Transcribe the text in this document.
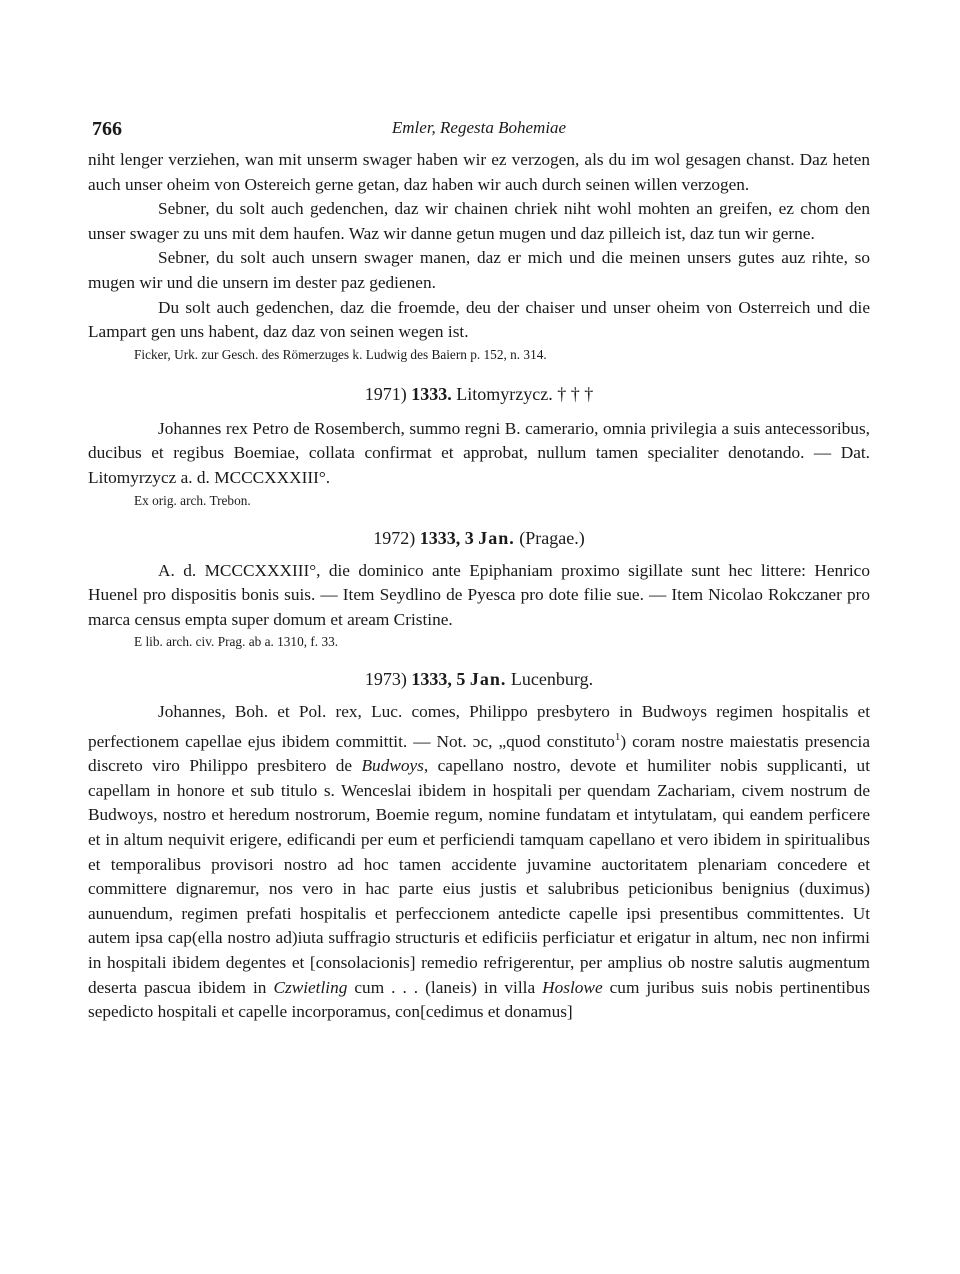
766	Emler, Regesta Bohemiae

niht lenger verziehen, wan mit unserm swager haben wir ez verzogen, als du im wol gesagen chanst. Daz heten auch unser oheim von Ostereich gerne getan, daz haben wir auch durch seinen willen verzogen.

Sebner, du solt auch gedenchen, daz wir chainen chriek niht wohl mohten an greifen, ez chom den unser swager zu uns mit dem haufen. Waz wir danne getun mugen und daz pilleich ist, daz tun wir gerne.

Sebner, du solt auch unsern swager manen, daz er mich und die meinen unsers gutes auz rihte, so mugen wir und die unsern im dester paz gedienen.

Du solt auch gedenchen, daz die froemde, deu der chaiser und unser oheim von Osterreich und die Lampart gen uns habent, daz daz von seinen wegen ist.

Ficker, Urk. zur Gesch. des Römerzuges k. Ludwig des Baiern p. 152, n. 314.

1971) 1333. Litomyrzycz. † † †

Johannes rex Petro de Rosemberch, summo regni B. camerario, omnia privilegia a suis antecessoribus, ducibus et regibus Boemiae, collata confirmat et approbat, nullum tamen specialiter denotando. — Dat. Litomyrzycz a. d. MCCCXXXIII°.

Ex orig. arch. Trebon.

1972) 1333, 3 Jan. (Pragae.)

A. d. MCCCXXXIII°, die dominico ante Epiphaniam proximo sigillate sunt hec littere: Henrico Huenel pro dispositis bonis suis. — Item Seydlino de Pyesca pro dote filie sue. — Item Nicolao Rokczaner pro marca census empta super domum et aream Cristine.

E lib. arch. civ. Prag. ab a. 1310, f. 33.

1973) 1333, 5 Jan. Lucenburg.

Johannes, Boh. et Pol. rex, Luc. comes, Philippo presbytero in Budwoys regimen hospitalis et perfectionem capellae ejus ibidem committit. — Not. ɔc, „quod constituto$^1$) coram nostre maiestatis presencia discreto viro Philippo presbitero de Budwoys, capellano nostro, devote et humiliter nobis supplicanti, ut capellam in honore et sub titulo s. Wenceslai ibidem in hospitali per quendam Zachariam, civem nostrum de Budwoys, nostro et heredum nostrorum, Boemie regum, nomine fundatam et intytulatam, qui eandem perficere et in altum nequivit erigere, edificandi per eum et perficiendi tamquam capellano et vero ibidem in spiritualibus et temporalibus provisori nostro ad hoc tamen accidente juvamine auctoritatem plenariam concedere et committere dignaremur, nos vero in hac parte eius justis et salubribus peticionibus benignius (duximus) aunuendum, regimen prefati hospitalis et perfeccionem antedicte capelle ipsi presentibus committentes. Ut autem ipsa cap(ella nostro ad)iuta suffragio structuris et edificiis perficiatur et erigatur in altum, nec non infirmi in hospitali ibidem degentes et [consolacionis] remedio refrigerentur, per amplius ob nostre salutis augmentum deserta pascua ibidem in Czwietling cum . . . (laneis) in villa Hoslowe cum juribus suis nobis pertinentibus sepedicto hospitali et capelle incorporamus, con[cedimus et donamus]
